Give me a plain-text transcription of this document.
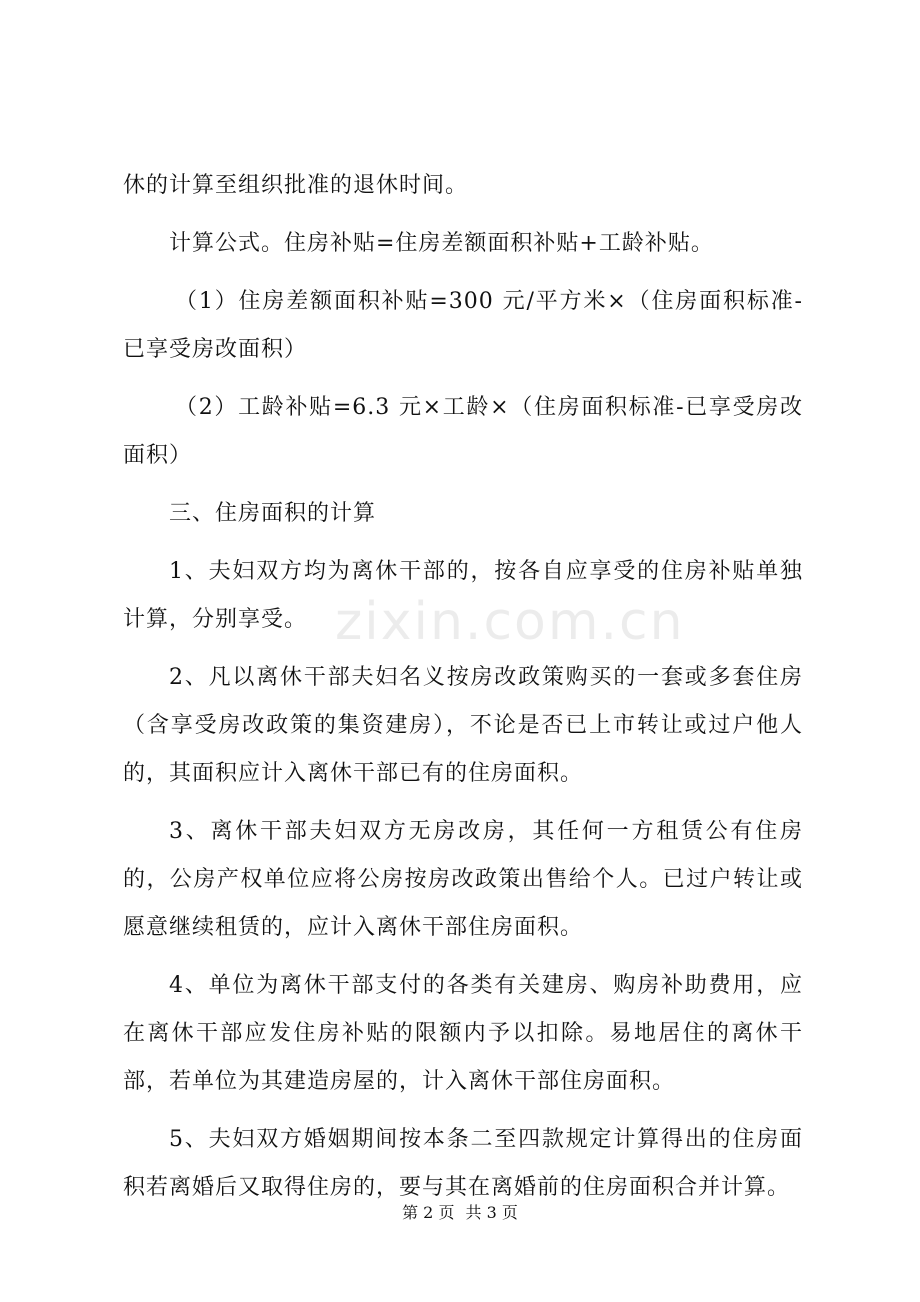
休的计算至组织批准的退休时间。

计算公式。住房补贴=住房差额面积补贴+工龄补贴。

（1）住房差额面积补贴=300 元/平方米×（住房面积标准-已享受房改面积）

（2）工龄补贴=6.3 元×工龄×（住房面积标准-已享受房改面积）

三、住房面积的计算

1、夫妇双方均为离休干部的，按各自应享受的住房补贴单独计算，分别享受。

2、凡以离休干部夫妇名义按房改政策购买的一套或多套住房（含享受房改政策的集资建房），不论是否已上市转让或过户他人的，其面积应计入离休干部已有的住房面积。

3、离休干部夫妇双方无房改房，其任何一方租赁公有住房的，公房产权单位应将公房按房改政策出售给个人。已过户转让或愿意继续租赁的，应计入离休干部住房面积。

4、单位为离休干部支付的各类有关建房、购房补助费用，应在离休干部应发住房补贴的限额内予以扣除。易地居住的离休干部，若单位为其建造房屋的，计入离休干部住房面积。

5、夫妇双方婚姻期间按本条二至四款规定计算得出的住房面积若离婚后又取得住房的，要与其在离婚前的住房面积合并计算。

zixin.com.cn
第 2 页 共 3 页
